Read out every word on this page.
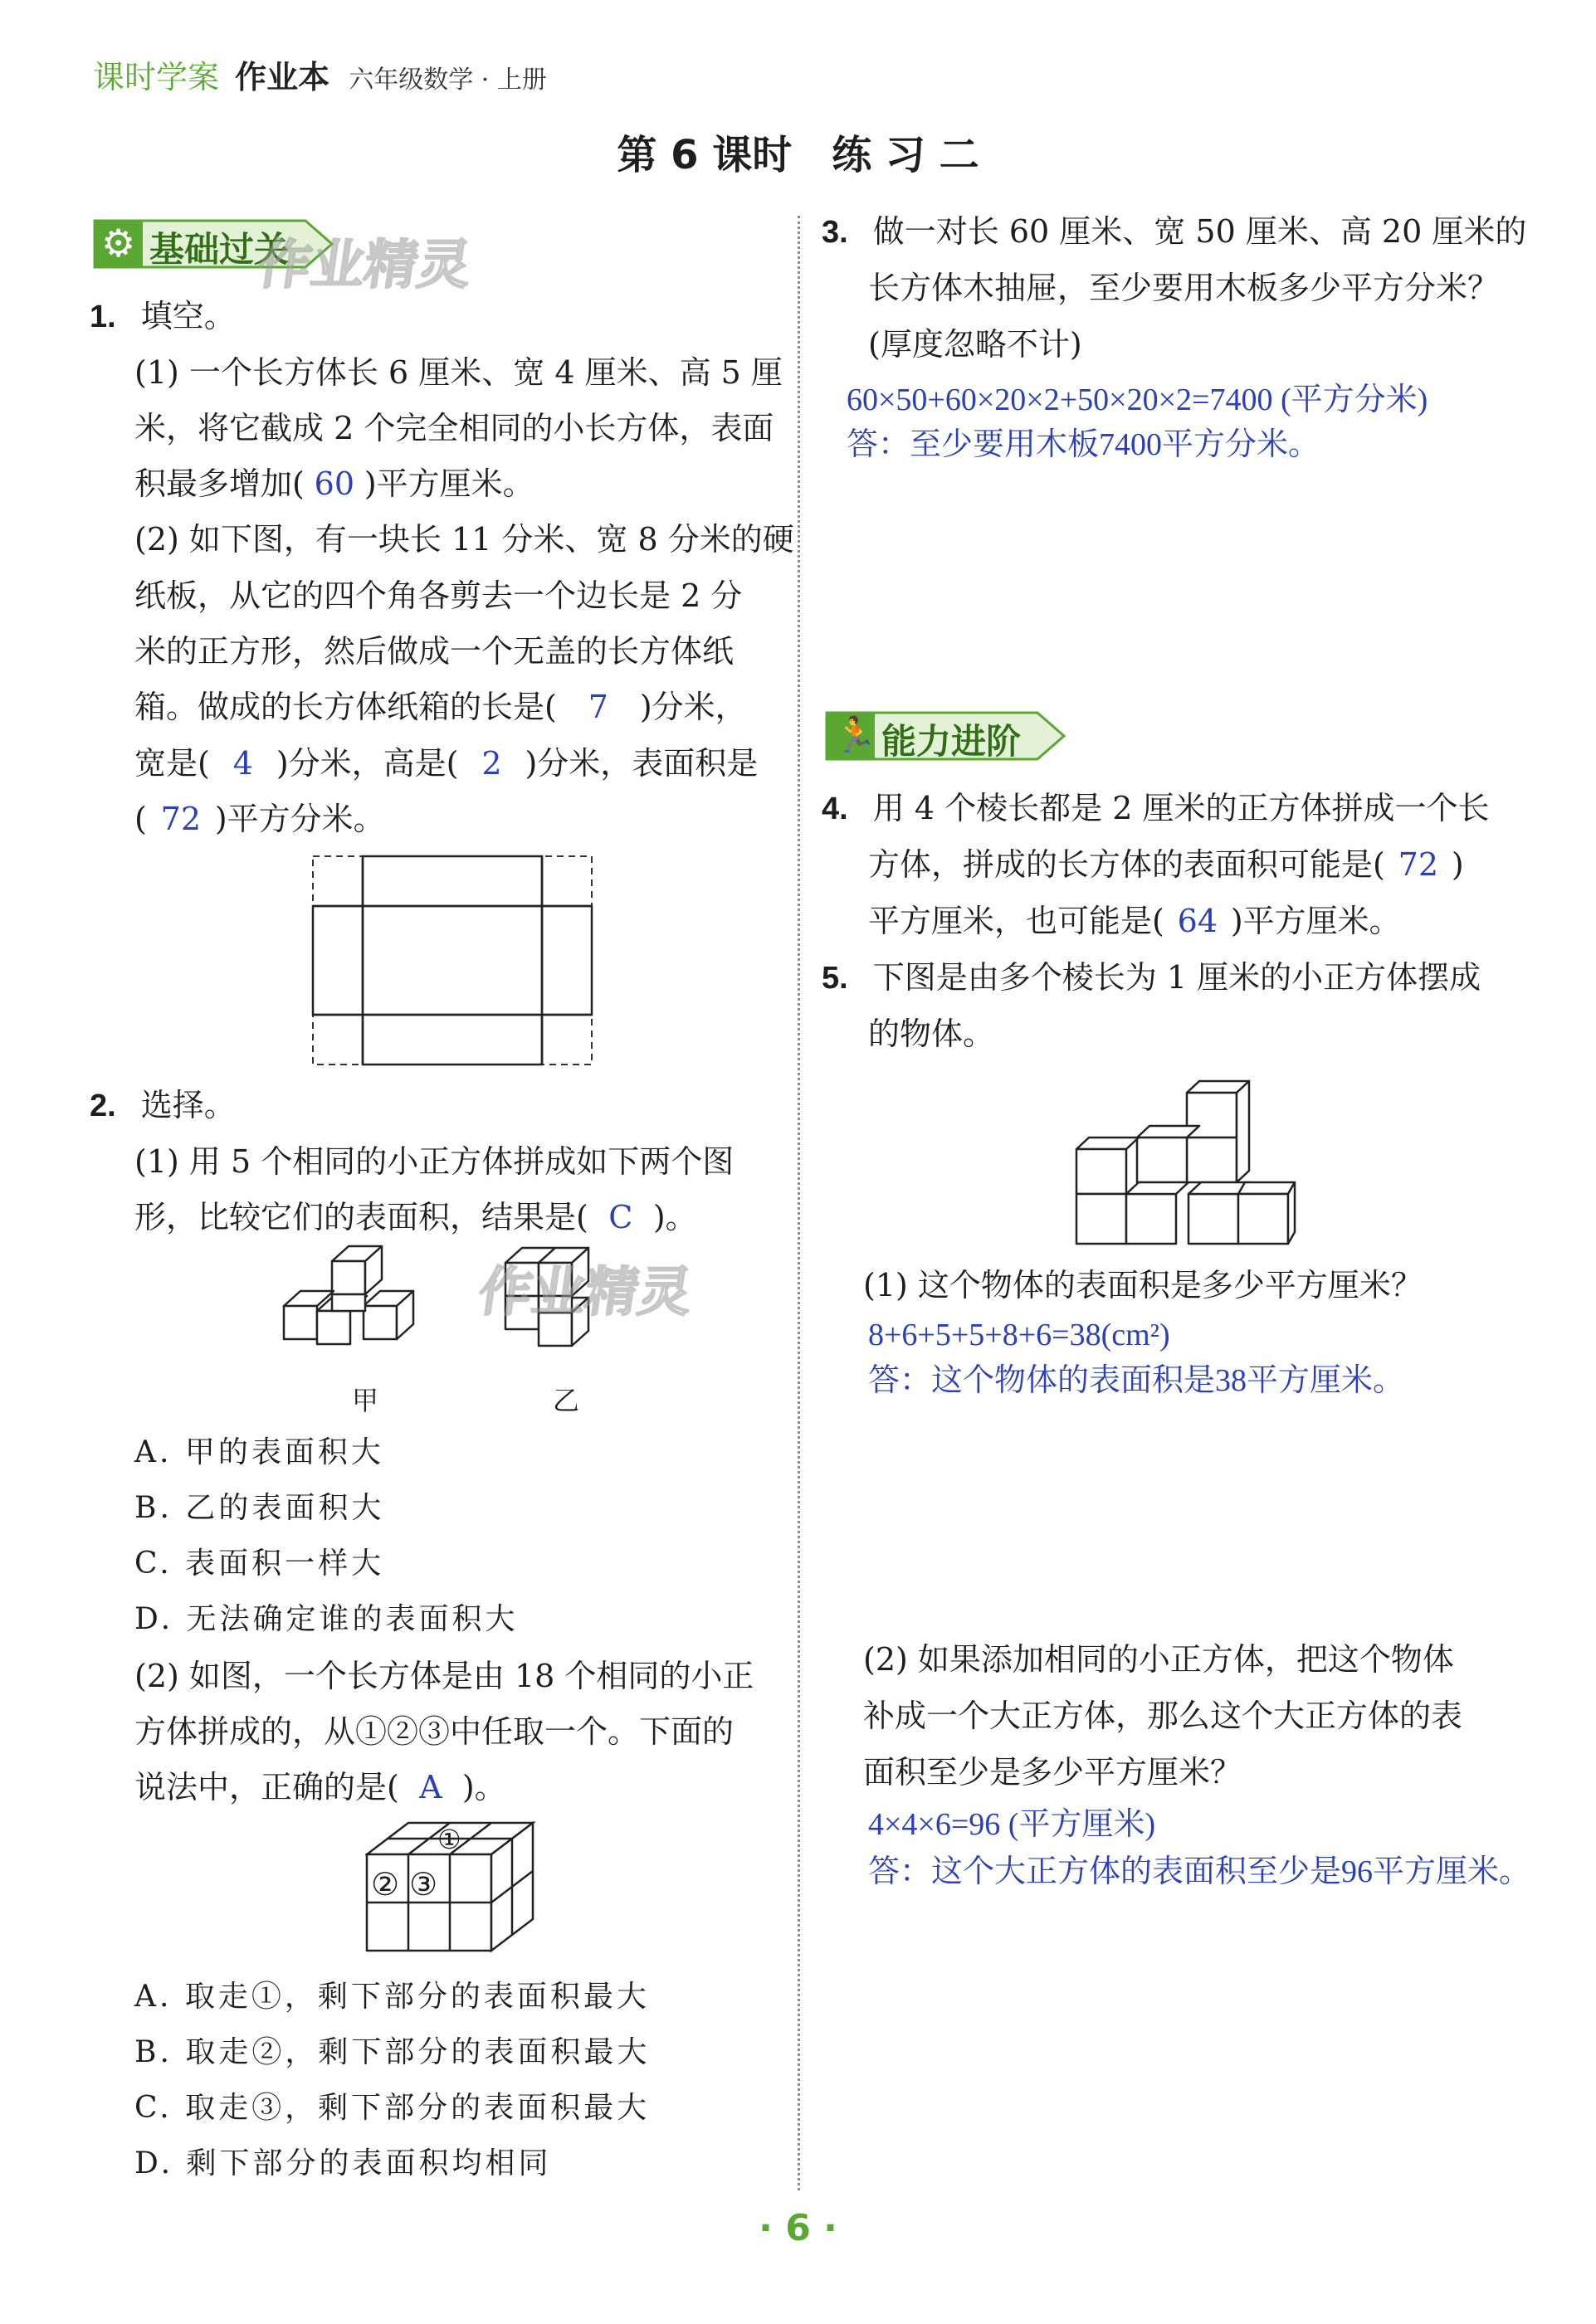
课时学案 作业本 六年级数学 · 上册
第 6 课时　练 习 二
⚙ 基础过关
作业精灵
1. 填空。
(1) 一个长方体长 6 厘米、宽 4 厘米、高 5 厘
米，将它截成 2 个完全相同的小长方体，表面
积最多增加( 60 )平方厘米。
(2) 如下图，有一块长 11 分米、宽 8 分米的硬
纸板，从它的四个角各剪去一个边长是 2 分
米的正方形，然后做成一个无盖的长方体纸
箱。做成的长方体纸箱的长是( 7 )分米，
宽是( 4 )分米，高是( 2 )分米，表面积是
( 72 )平方分米。
2. 选择。
(1) 用 5 个相同的小正方体拼成如下两个图
形，比较它们的表面积，结果是( C )。
作业精灵
甲	乙
A. 甲的表面积大
B. 乙的表面积大
C. 表面积一样大
D. 无法确定谁的表面积大
(2) 如图，一个长方体是由 18 个相同的小正
方体拼成的，从①②③中任取一个。下面的
说法中，正确的是( A )。
①
② ③
A. 取走①，剩下部分的表面积最大
B. 取走②，剩下部分的表面积最大
C. 取走③，剩下部分的表面积最大
D. 剩下部分的表面积均相同
3. 做一对长 60 厘米、宽 50 厘米、高 20 厘米的
长方体木抽屉，至少要用木板多少平方分米？
(厚度忽略不计)
60×50+60×20×2+50×20×2=7400 (平方分米)
答：至少要用木板7400平方分米。
🏃 能力进阶
4. 用 4 个棱长都是 2 厘米的正方体拼成一个长
方体，拼成的长方体的表面积可能是( 72 )
平方厘米，也可能是( 64 )平方厘米。
5. 下图是由多个棱长为 1 厘米的小正方体摆成
的物体。
(1) 这个物体的表面积是多少平方厘米？
8+6+5+5+8+6=38(cm²)
答：这个物体的表面积是38平方厘米。
(2) 如果添加相同的小正方体，把这个物体
补成一个大正方体，那么这个大正方体的表
面积至少是多少平方厘米？
4×4×6=96 (平方厘米)
答：这个大正方体的表面积至少是96平方厘米。
· 6 ·
